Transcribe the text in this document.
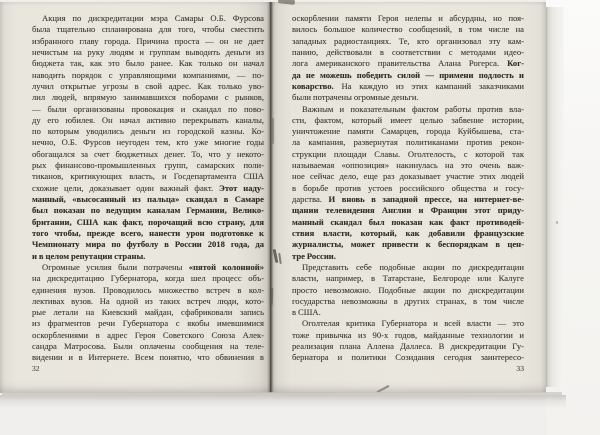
Акция по дискредитации мэра Самары О.Б. Фурсова
была тщательно спланирована для того, чтобы сместить
избранного главу города. Причина проста — он не дает
нечистым на руку людям и группам выводить деньги из
бюджета так, как это было ранее. Как только он начал
наводить порядок с управляющими компаниями, — по-
лучил открытые угрозы в свой адрес. Как только уво-
лил людей, впрямую занимавшихся поборами с рынков,
— были организованы провокация и скандал по пово-
ду его юбилея. Он начал активно перекрывать каналы,
по которым уводились деньги из городской казны. Ко-
нечно, О.Б. Фурсов неугоден тем, кто уже многие годы
обогащался за счет бюджетных денег. То, что у некото-
рых финансово-промышленных групп, самарских поли-
тиканов, критикующих власть, и Госдепартамента США
схожие цели, доказывает один важный факт. Этот наду-
манный, «высосанный из пальца» скандал в Самаре
был показан по ведущим каналам Германии, Велико-
британии, США как факт, порочащий всю страну, для
того чтобы, прежде всего, нанести урон подготовке к
Чемпионату мира по футболу в России 2018 года, да
и в целом репутации страны.
Огромные усилия были потрачены «пятой колонной»
на дискредитацию Губернатора, когда шел процесс объ-
единения вузов. Проводилось множество встреч в кол-
лективах вузов. На одной из таких встреч люди, кото-
рые летали на Киевский майдан, сфабриковали запись
из фрагментов речи Губернатора с якобы имевшимися
оскорблениями в адрес Героя Советского Союза Алек-
сандра Матросова. Были оплачены сообщения на теле-
видении и в Интернете. Всем понятно, что обвинения в
оскорблении памяти Героя нелепы и абсурдны, но поя-
вилось большое количество сообщений, в том числе на
западных радиостанциях. Те, кто организовал эту кам-
панию, действовали в соответствии с методами идео-
лога американского правительства Алана Рогерса. Ког-
да не можешь победить силой — примени подлость и
коварство. На каждую из этих кампаний заказчиками
были потрачены огромные деньги.
Важным и показательным фактом работы против вла-
сти, фактом, который имеет целью забвение истории,
уничтожение памяти Самарцев, города Куйбышева, ста-
ла кампания, развернутая политиканами против рекон-
струкции площади Славы. Оголтелость, с которой так
называемая «оппозиция» накинулась на это очень важ-
ное сейчас дело, еще раз доказывает участие этих людей
в борьбе против устоев российского общества и госу-
дарства. И вновь в западной прессе, на интернет-ве-
щании телевидения Англии и Франции этот приду-
манный скандал был показан как факт противодей-
ствия власти, который, как добавили французские
журналисты, может привести к беспорядкам в цен-
тре России.
Представить себе подобные акции по дискредитации
власти, например, в Татарстане, Белгороде или Калуге
просто невозможно. Подобные акции по дискредитации
государства невозможны в других странах, в том числе
в США.
Оголтелая критика Губернатора и всей власти — это
тоже привычка из 90-х годов, майданные технологии и
реализация плана Аллена Даллеса. В дискредитации Гу-
бернатора и политики Созидания сегодня заинтересо-
32	33
